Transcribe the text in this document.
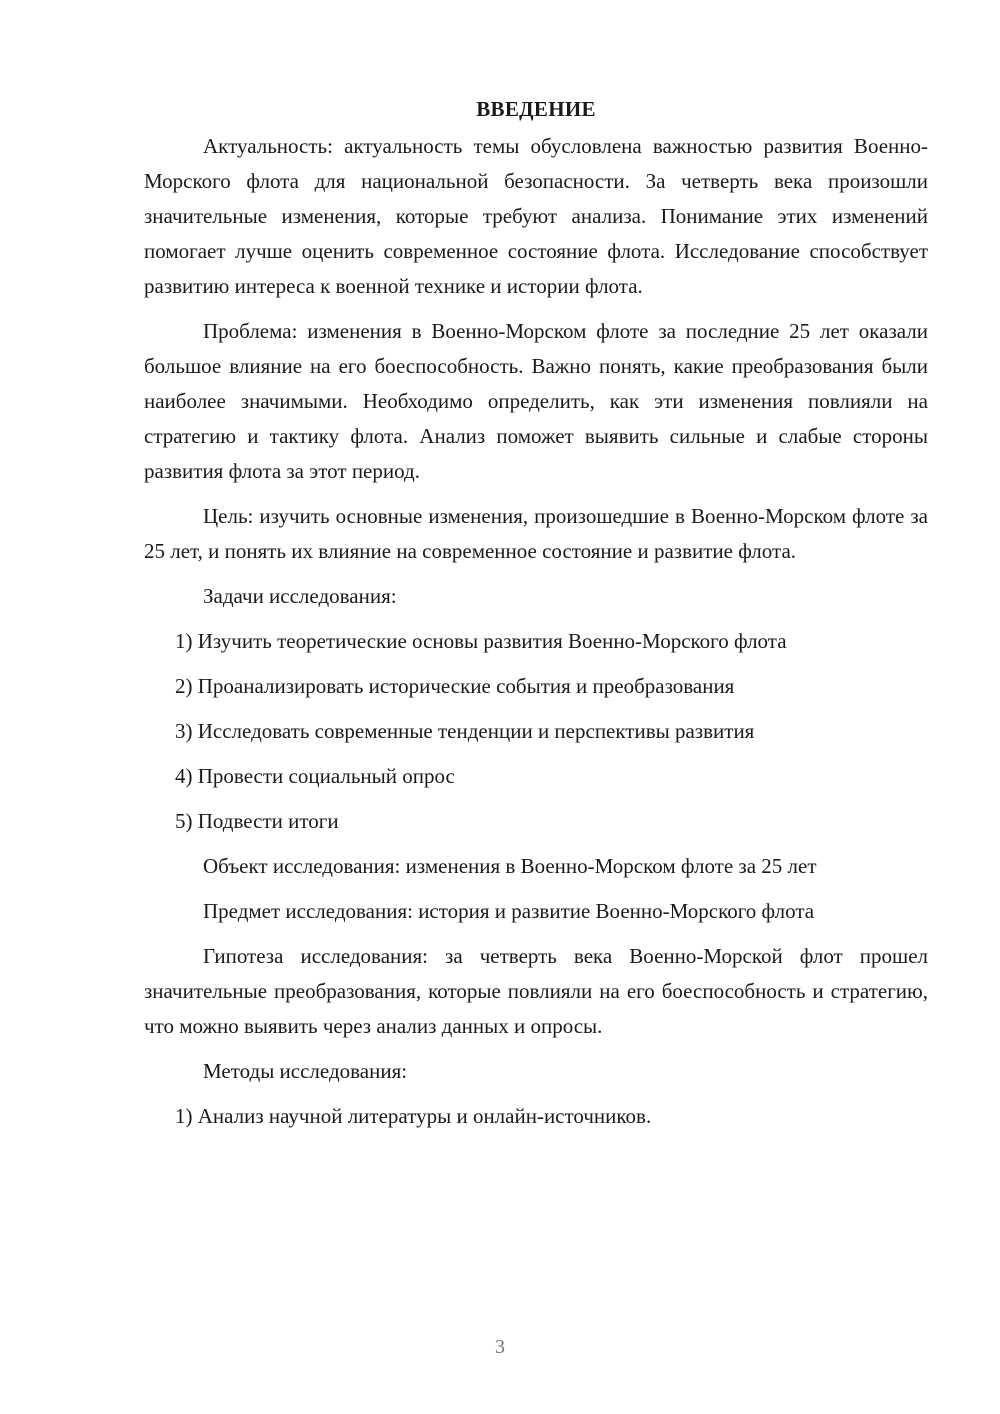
ВВЕДЕНИЕ

Актуальность: актуальность темы обусловлена важностью развития Военно-Морского флота для национальной безопасности. За четверть века произошли значительные изменения, которые требуют анализа. Понимание этих изменений помогает лучше оценить современное состояние флота. Исследование способствует развитию интереса к военной технике и истории флота.

Проблема: изменения в Военно-Морском флоте за последние 25 лет оказали большое влияние на его боеспособность. Важно понять, какие преобразования были наиболее значимыми. Необходимо определить, как эти изменения повлияли на стратегию и тактику флота. Анализ поможет выявить сильные и слабые стороны развития флота за этот период.

Цель: изучить основные изменения, произошедшие в Военно-Морском флоте за 25 лет, и понять их влияние на современное состояние и развитие флота.

Задачи исследования:

1) Изучить теоретические основы развития Военно-Морского флота
2) Проанализировать исторические события и преобразования
3) Исследовать современные тенденции и перспективы развития
4) Провести социальный опрос
5) Подвести итоги

Объект исследования: изменения в Военно-Морском флоте за 25 лет

Предмет исследования: история и развитие Военно-Морского флота

Гипотеза исследования: за четверть века Военно-Морской флот прошел значительные преобразования, которые повлияли на его боеспособность и стратегию, что можно выявить через анализ данных и опросы.

Методы исследования:

1) Анализ научной литературы и онлайн-источников.
3
